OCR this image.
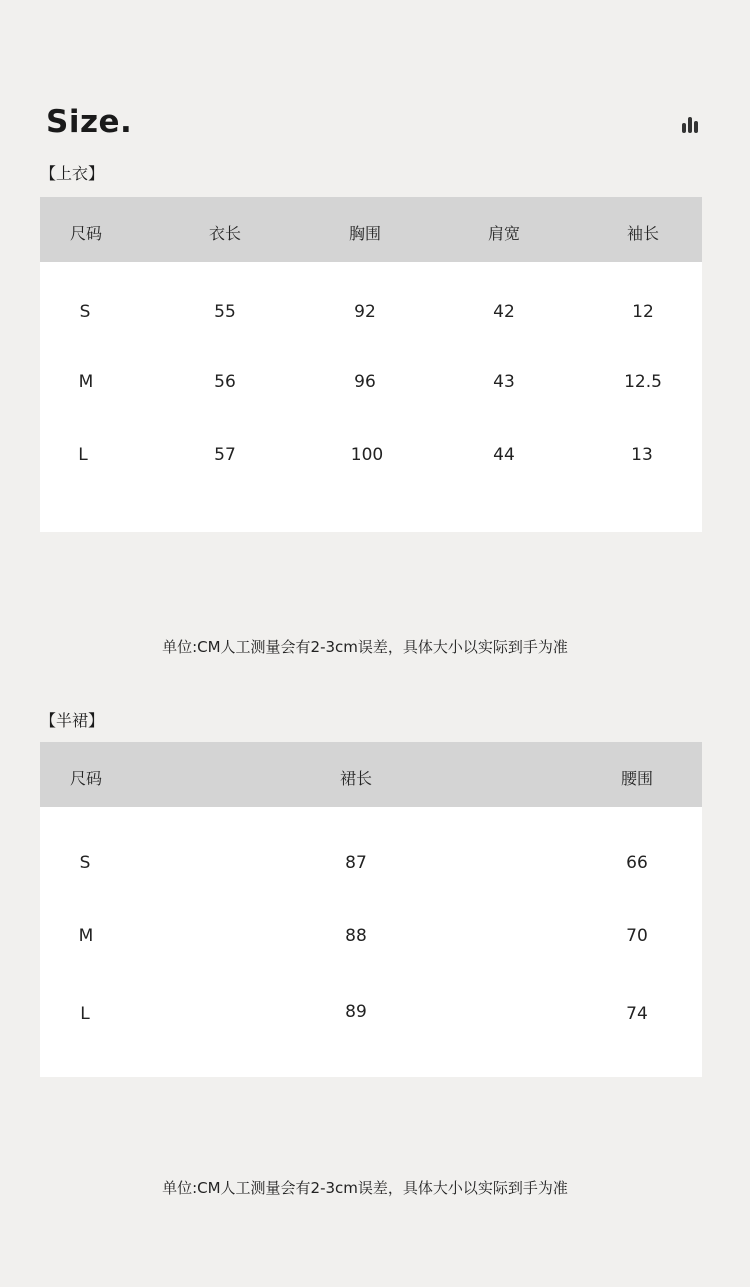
Size.
【上衣】
尺码	衣长	胸围	肩宽	袖长
S	55	92	42	12
M	56	96	43	12.5
L	57	100	44	13
单位:CM人工测量会有2-3cm误差，具体大小以实际到手为准
【半裙】
尺码	裙长	腰围
S	87	66
M	88	70
L	89	74
单位:CM人工测量会有2-3cm误差，具体大小以实际到手为准
